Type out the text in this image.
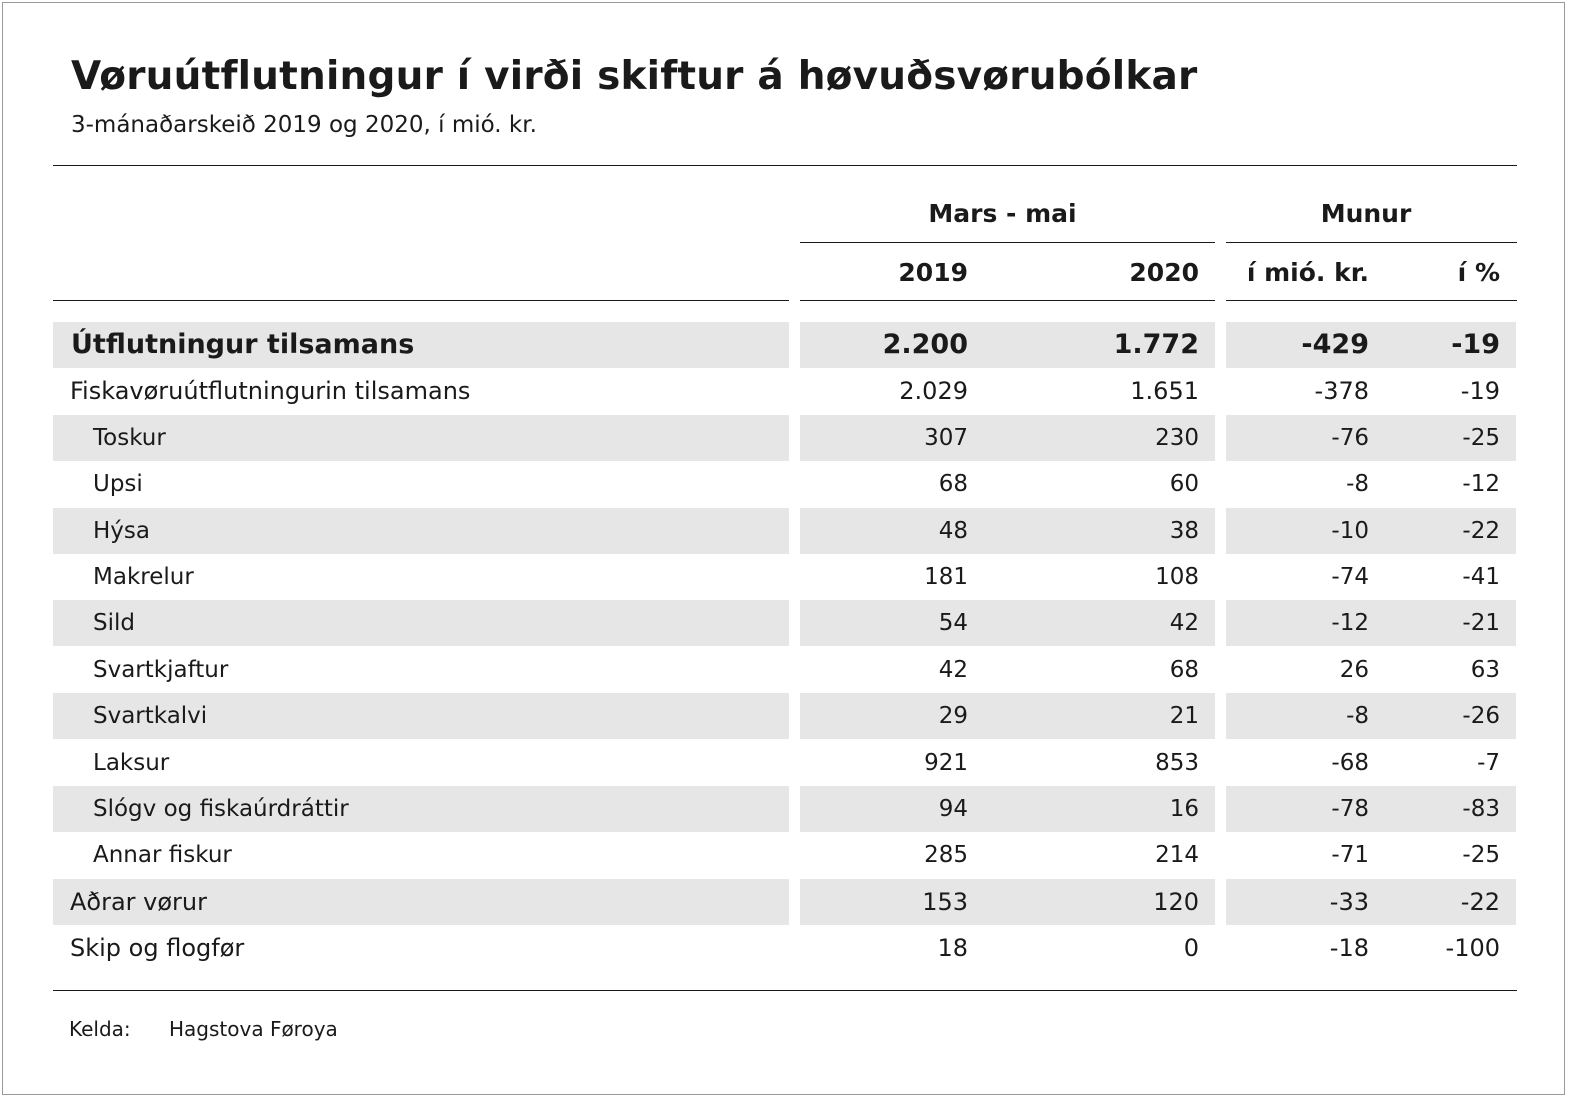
Vøruútflutningur í virði skiftur á høvuðsvørubólkar
3-mánaðarskeið 2019 og 2020, í mió. kr.
Mars - mai	Munur
2019	2020	í mió. kr.	í %
Útflutningur tilsamans	2.200	1.772	-429	-19
Fiskavøruútflutningurin tilsamans	2.029	1.651	-378	-19
Toskur	307	230	-76	-25
Upsi	68	60	-8	-12
Hýsa	48	38	-10	-22
Makrelur	181	108	-74	-41
Sild	54	42	-12	-21
Svartkjaftur	42	68	26	63
Svartkalvi	29	21	-8	-26
Laksur	921	853	-68	-7
Slógv og fiskaúrdráttir	94	16	-78	-83
Annar fiskur	285	214	-71	-25
Aðrar vørur	153	120	-33	-22
Skip og flogfør	18	0	-18	-100
Kelda: Hagstova Føroya
